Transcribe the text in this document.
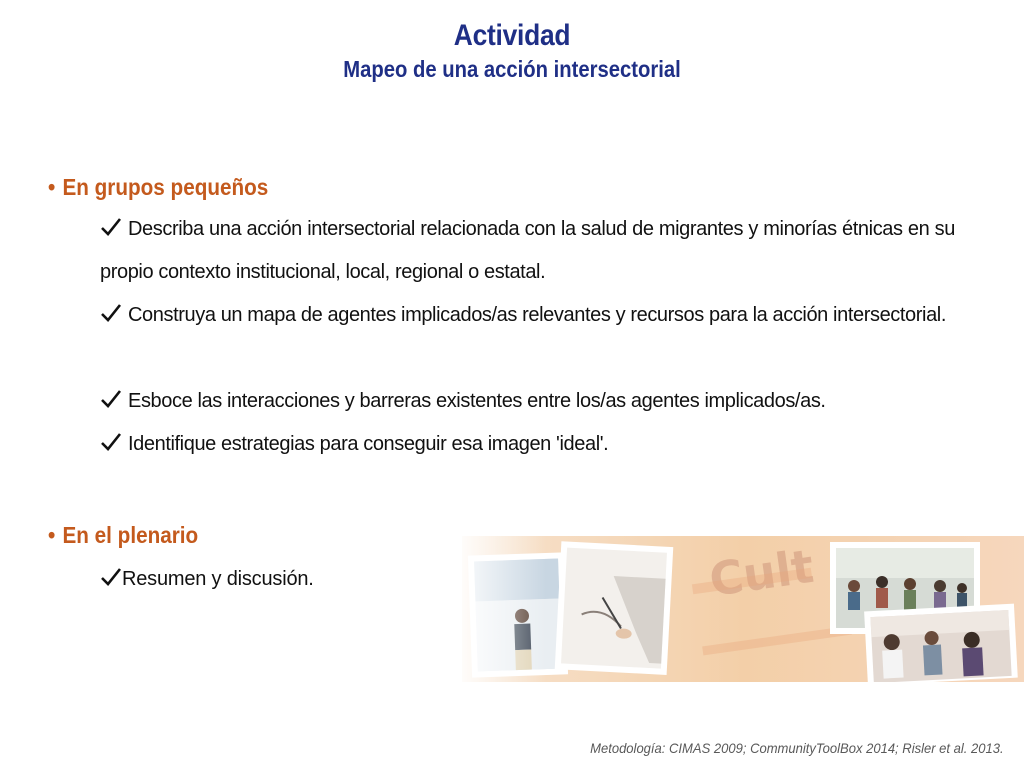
Actividad
Mapeo de una acción intersectorial
• En grupos pequeños
Describa una acción intersectorial relacionada con la salud de migrantes y minorías étnicas en su propio contexto institucional, local, regional o estatal.
Construya un mapa de agentes implicados/as relevantes y recursos para la acción intersectorial.
Esboce las interacciones y barreras existentes entre los/as agentes implicados/as.
Identifique estrategias para conseguir esa imagen 'ideal'.
• En el plenario
Resumen y discusión.
Metodología: CIMAS 2009; CommunityToolBox 2014; Risler et al. 2013.
